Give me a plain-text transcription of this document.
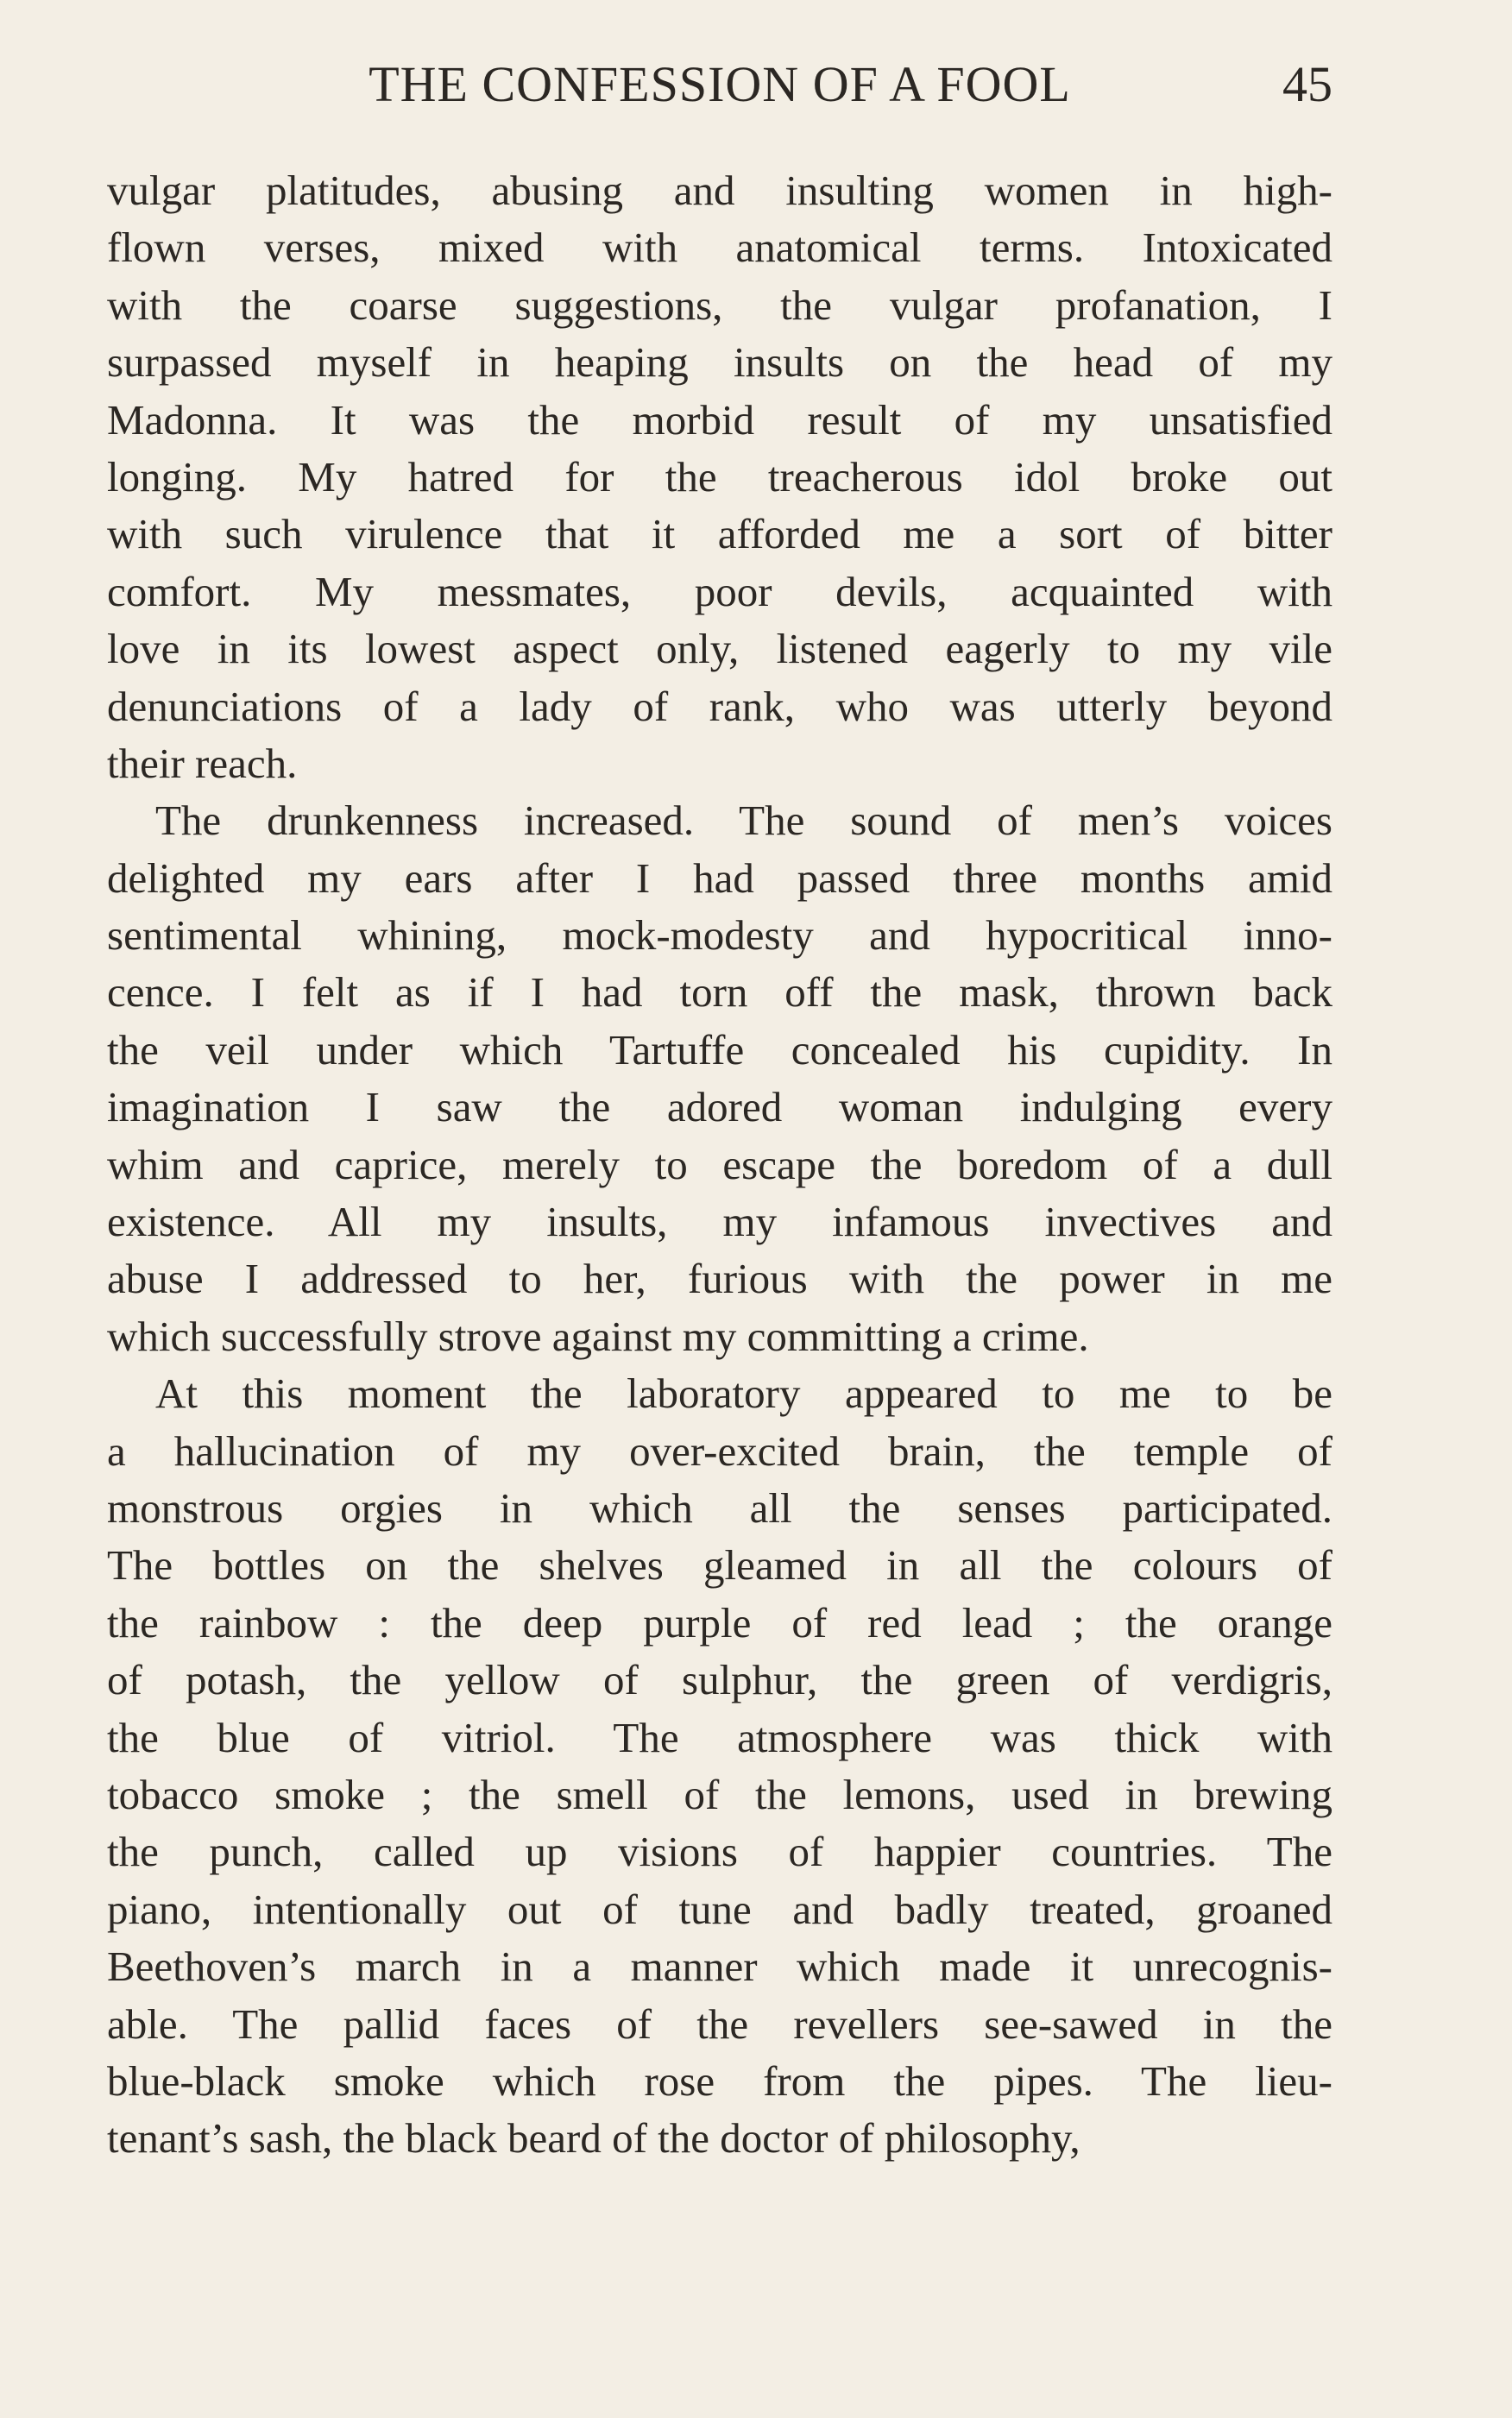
THE CONFESSION OF A FOOL	45
vulgar platitudes, abusing and insulting women in high-
flown verses, mixed with anatomical terms. Intoxicated
with the coarse suggestions, the vulgar profanation, I
surpassed myself in heaping insults on the head of my
Madonna. It was the morbid result of my unsatisfied
longing. My hatred for the treacherous idol broke out
with such virulence that it afforded me a sort of bitter
comfort. My messmates, poor devils, acquainted with
love in its lowest aspect only, listened eagerly to my vile
denunciations of a lady of rank, who was utterly beyond
their reach.
The drunkenness increased. The sound of men’s voices
delighted my ears after I had passed three months amid
sentimental whining, mock-modesty and hypocritical inno-
cence. I felt as if I had torn off the mask, thrown back
the veil under which Tartuffe concealed his cupidity. In
imagination I saw the adored woman indulging every
whim and caprice, merely to escape the boredom of a dull
existence. All my insults, my infamous invectives and
abuse I addressed to her, furious with the power in me
which successfully strove against my committing a crime.
At this moment the laboratory appeared to me to be
a hallucination of my over-excited brain, the temple of
monstrous orgies in which all the senses participated.
The bottles on the shelves gleamed in all the colours of
the rainbow : the deep purple of red lead ; the orange
of potash, the yellow of sulphur, the green of verdigris,
the blue of vitriol. The atmosphere was thick with
tobacco smoke ; the smell of the lemons, used in brewing
the punch, called up visions of happier countries. The
piano, intentionally out of tune and badly treated, groaned
Beethoven’s march in a manner which made it unrecognis-
able. The pallid faces of the revellers see-sawed in the
blue-black smoke which rose from the pipes. The lieu-
tenant’s sash, the black beard of the doctor of philosophy,
